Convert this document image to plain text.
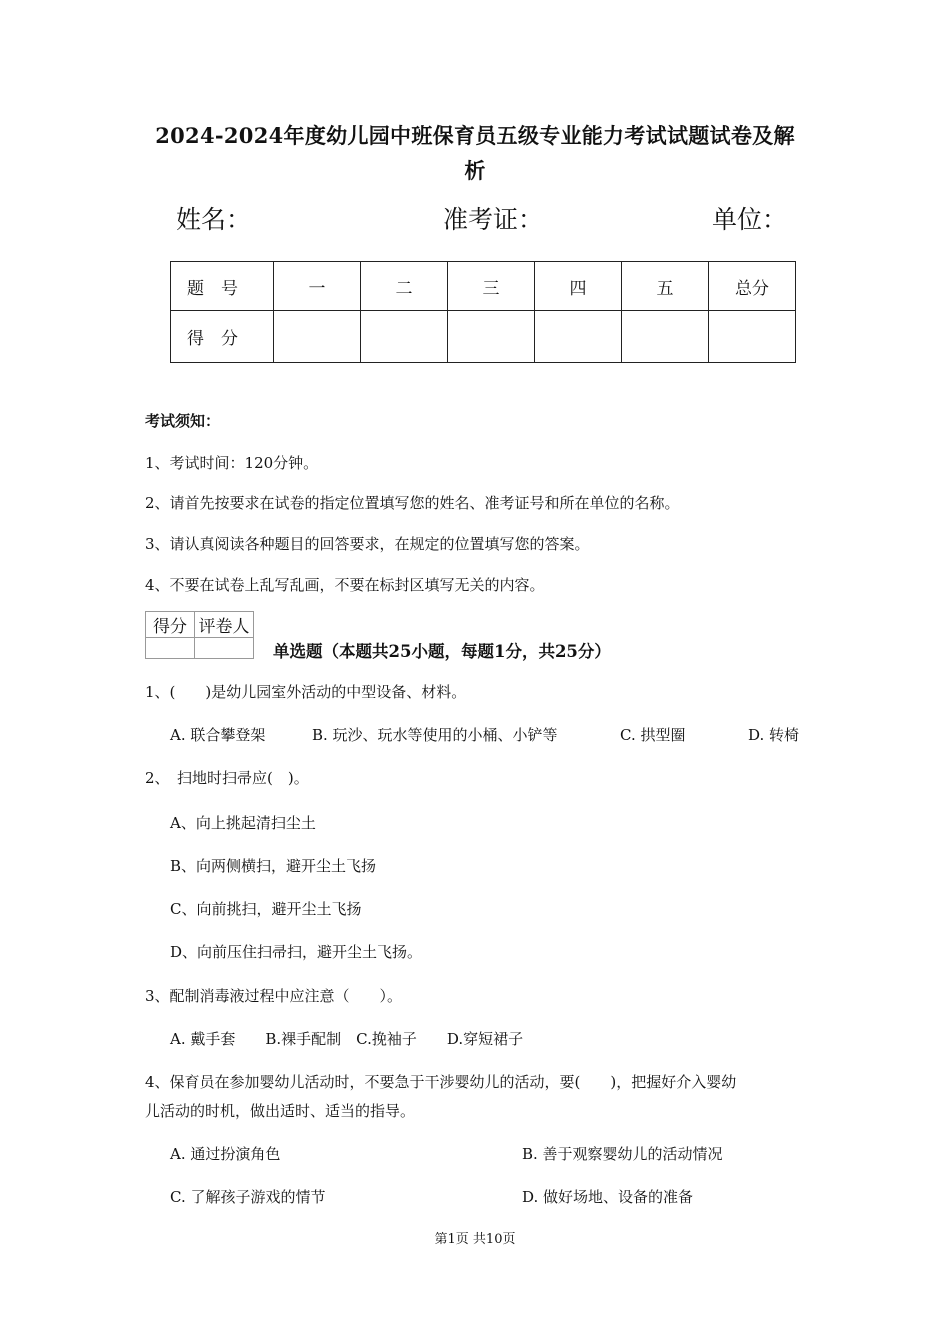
2024-2024年度幼儿园中班保育员五级专业能力考试试题试卷及解
析
姓名：	准考证：	单位：
题　号	一	二	三	四	五	总分
得　分						
考试须知：
1、考试时间：120分钟。
2、请首先按要求在试卷的指定位置填写您的姓名、准考证号和所在单位的名称。
3、请认真阅读各种题目的回答要求，在规定的位置填写您的答案。
4、不要在试卷上乱写乱画，不要在标封区填写无关的内容。
得分	评卷人

单选题（本题共25小题，每题1分，共25分）
1、(　　)是幼儿园室外活动的中型设备、材料。
A. 联合攀登架	B. 玩沙、玩水等使用的小桶、小铲等	C. 拱型圈	D. 转椅
2、　扫地时扫帚应(　)。
A、向上挑起清扫尘土
B、向两侧横扫，避开尘土飞扬
C、向前挑扫，避开尘土飞扬
D、向前压住扫帚扫，避开尘土飞扬。
3、配制消毒液过程中应注意（　　）。
A. 戴手套　　B.裸手配制　C.挽袖子　　D.穿短裙子
4、保育员在参加婴幼儿活动时，不要急于干涉婴幼儿的活动，要(　　)，把握好介入婴幼
儿活动的时机，做出适时、适当的指导。
A. 通过扮演角色	B. 善于观察婴幼儿的活动情况
C. 了解孩子游戏的情节	D. 做好场地、设备的准备
第1页 共10页
